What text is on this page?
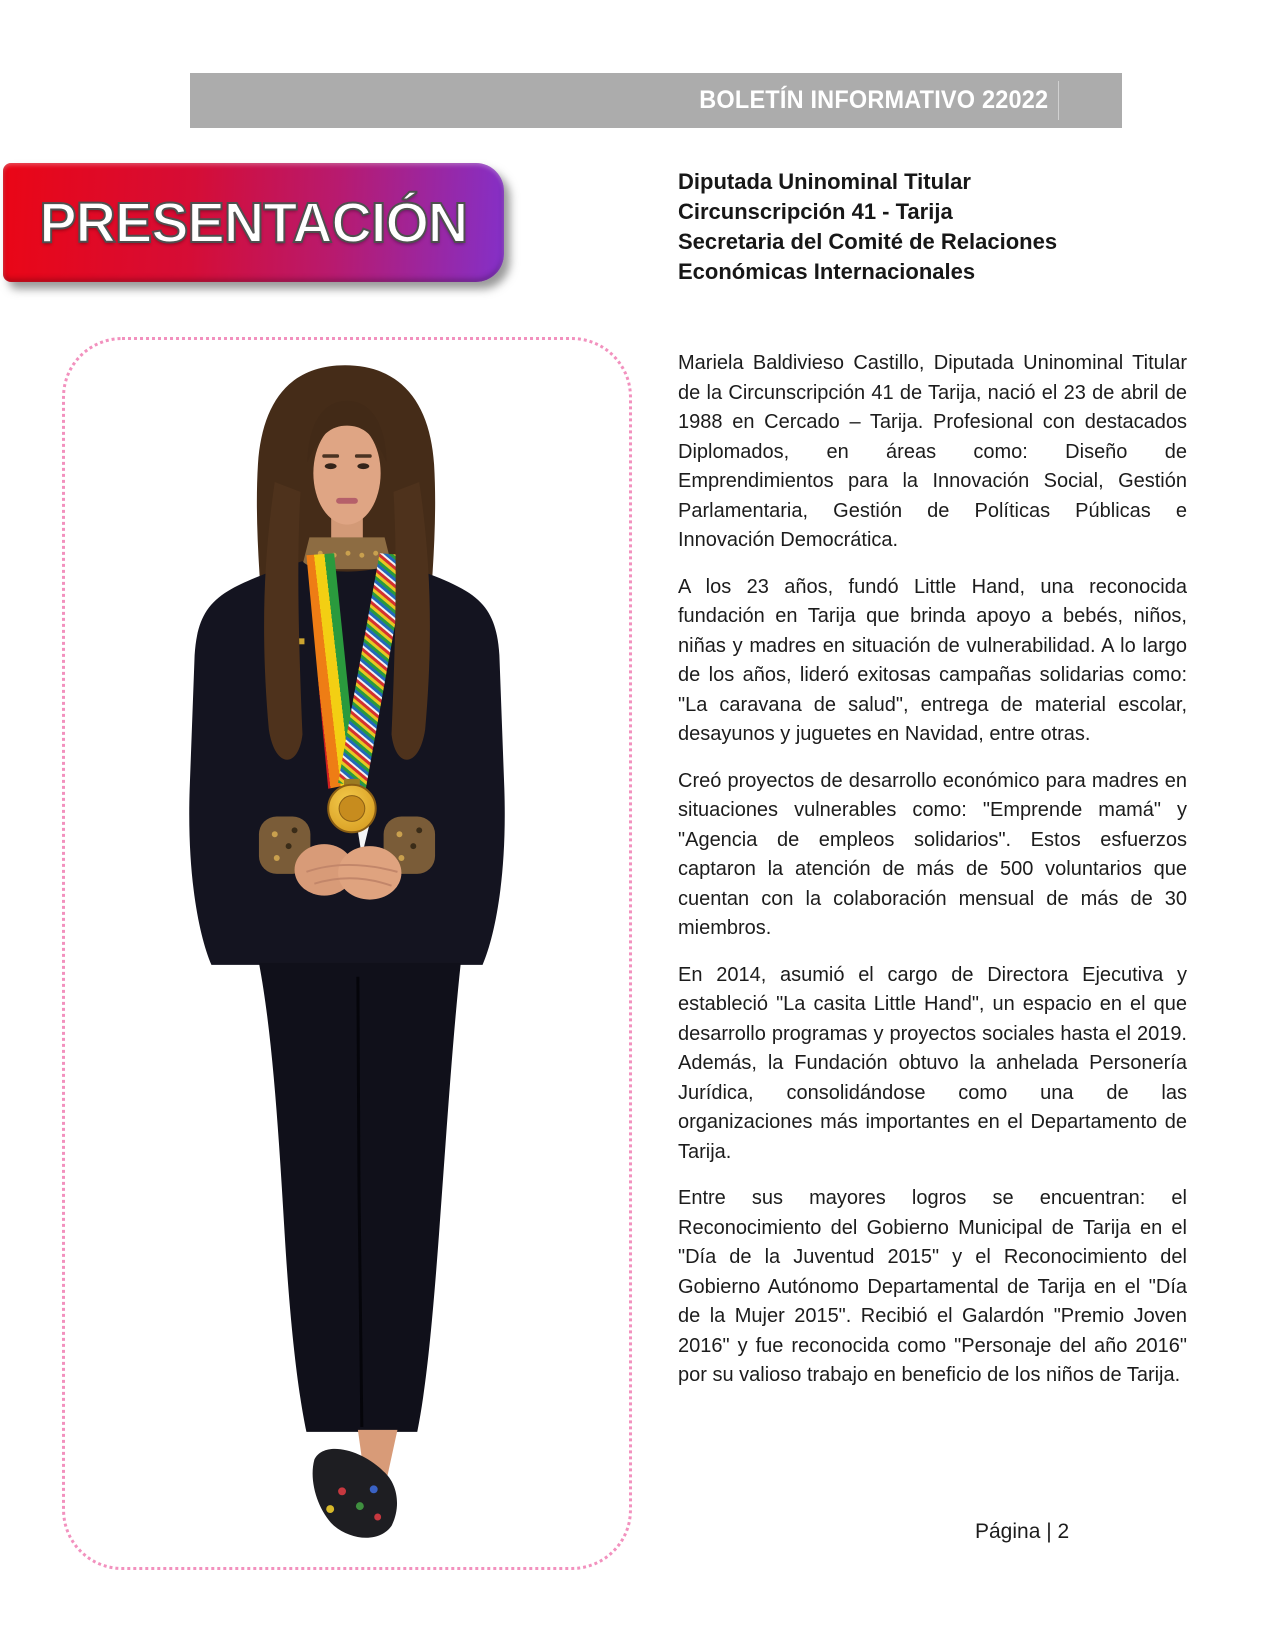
BOLETÍN INFORMATIVO 22022
PRESENTACIÓN
Diputada Uninominal Titular
Circunscripción 41 - Tarija
Secretaria del Comité de Relaciones
Económicas Internacionales

Mariela Baldivieso Castillo, Diputada Uninominal Titular de la Circunscripción 41 de Tarija, nació el 23 de abril de 1988 en Cercado – Tarija. Profesional con destacados Diplomados, en áreas como: Diseño de Emprendimientos para la Innovación Social, Gestión Parlamentaria, Gestión de Políticas Públicas e Innovación Democrática.

A los 23 años, fundó Little Hand, una reconocida fundación en Tarija que brinda apoyo a bebés, niños, niñas y madres en situación de vulnerabilidad. A lo largo de los años, lideró exitosas campañas solidarias como: "La caravana de salud", entrega de material escolar, desayunos y juguetes en Navidad, entre otras.

Creó proyectos de desarrollo económico para madres en situaciones vulnerables como: "Emprende mamá" y "Agencia de empleos solidarios". Estos esfuerzos captaron la atención de más de 500 voluntarios que cuentan con la colaboración mensual de más de 30 miembros.

En 2014, asumió el cargo de Directora Ejecutiva y estableció "La casita Little Hand", un espacio en el que desarrollo programas y proyectos sociales hasta el 2019. Además, la Fundación obtuvo la anhelada Personería Jurídica, consolidándose como una de las organizaciones más importantes en el Departamento de Tarija.

Entre sus mayores logros se encuentran: el Reconocimiento del Gobierno Municipal de Tarija en el "Día de la Juventud 2015" y el Reconocimiento del Gobierno Autónomo Departamental de Tarija en el "Día de la Mujer 2015". Recibió el Galardón "Premio Joven 2016" y fue reconocida como "Personaje del año 2016" por su valioso trabajo en beneficio de los niños de Tarija.

Página | 2
